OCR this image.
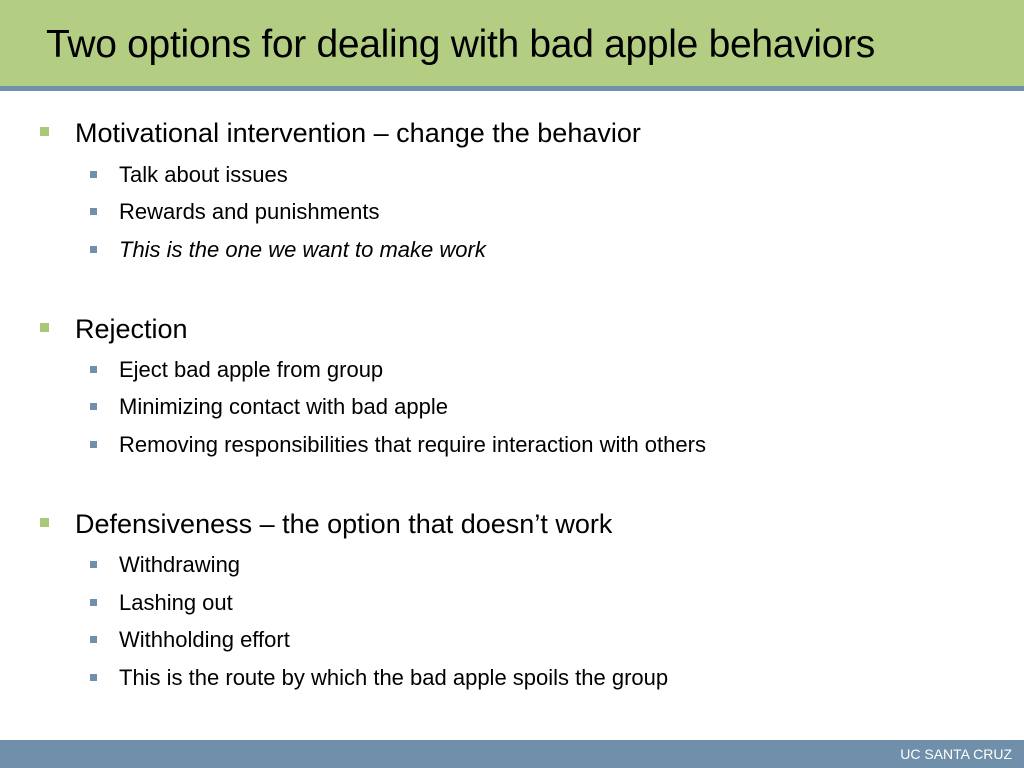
Two options for dealing with bad apple behaviors
Motivational intervention – change the behavior
Talk about issues
Rewards and punishments
This is the one we want to make work
Rejection
Eject bad apple from group
Minimizing contact with bad apple
Removing responsibilities that require interaction with others
Defensiveness – the option that doesn’t work
Withdrawing
Lashing out
Withholding effort
This is the route by which the bad apple spoils the group
UC SANTA CRUZ
